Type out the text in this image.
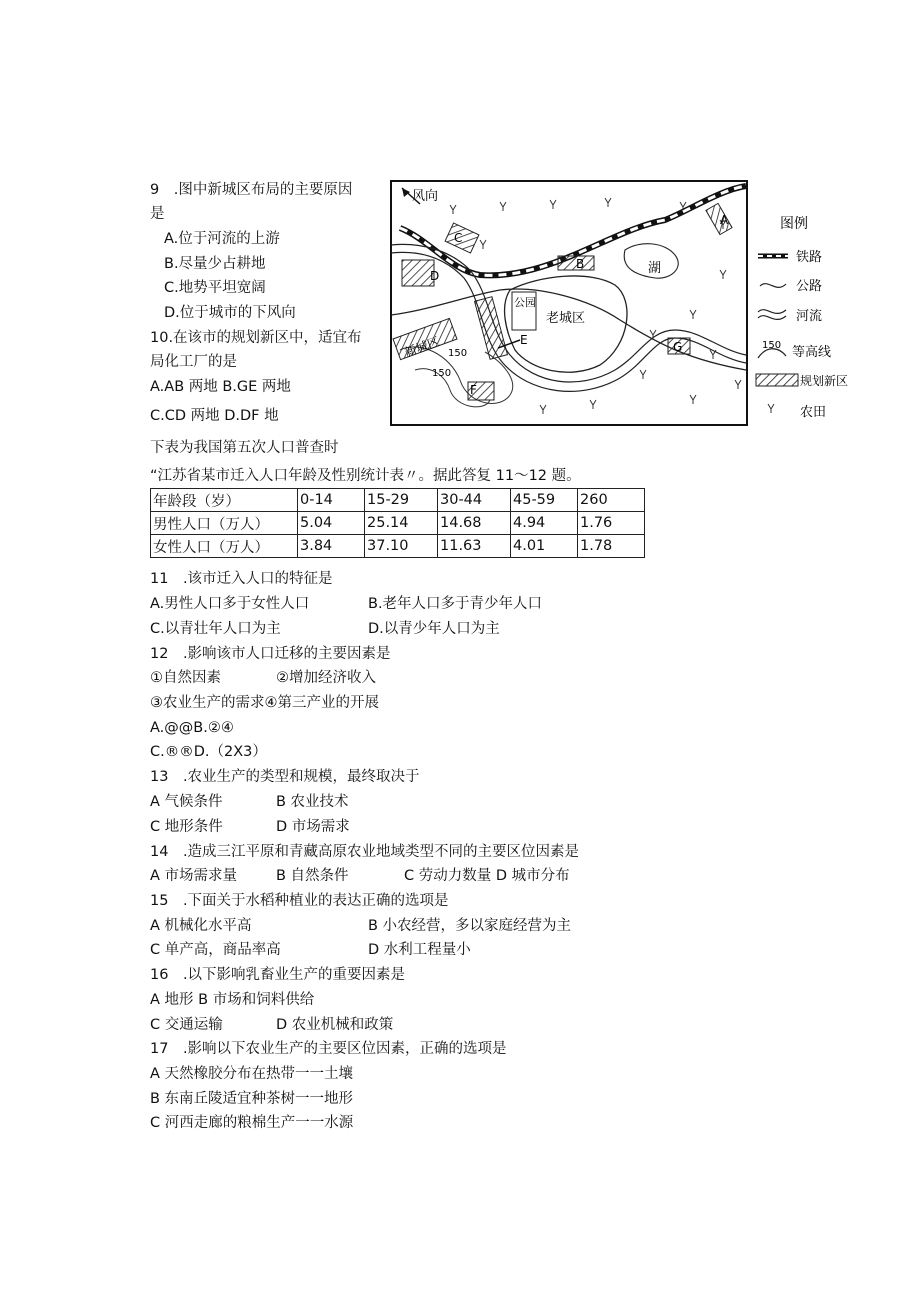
9　.图中新城区布局的主要原因
是
A.位于河流的上游
B.尽量少占耕地
C.地势平坦宽阔
D.位于城市的下风向
10.在该市的规划新区中，适宜布
局化工厂的是
A.AB 两地 B.GE 两地
C.CD 两地 D.DF 地
风向
公园
老城区
新城区
湖
150
150
A
B
C
D
E
F
G
图例
铁路
公路
河流
150 等高线
规划新区
农田
下表为我国第五次人口普查时
“江苏省某市迁入人口年龄及性别统计表〃。据此答复 11～12 题。
年龄段（岁）	0-14	15-29	30-44	45-59	260
男性人口（万人）	5.04	25.14	14.68	4.94	1.76
女性人口（万人）	3.84	37.10	11.63	4.01	1.78
11　.该市迁入人口的特征是
A.男性人口多于女性人口	B.老年人口多于青少年人口
C.以青壮年人口为主	D.以青少年人口为主
12　.影响该市人口迁移的主要因素是
①自然因素	②增加经济收入
③农业生产的需求④第三产业的开展
A.@@B.②④
C.®®D.（2X3）
13　.农业生产的类型和规模，最终取决于
A 气候条件	B 农业技术
C 地形条件	D 市场需求
14　.造成三江平原和青藏高原农业地域类型不同的主要区位因素是
A 市场需求量	B 自然条件	C 劳动力数量 D 城市分布
15　.下面关于水稻种植业的表达正确的选项是
A 机械化水平高	B 小农经营，多以家庭经营为主
C 单产高，商品率高	D 水利工程量小
16　.以下影响乳畜业生产的重要因素是
A 地形 B 市场和饲料供给
C 交通运输	D 农业机械和政策
17　.影响以下农业生产的主要区位因素，正确的选项是
A 天然橡胶分布在热带一一土壤
B 东南丘陵适宜种茶树一一地形
C 河西走廊的粮棉生产一一水源
